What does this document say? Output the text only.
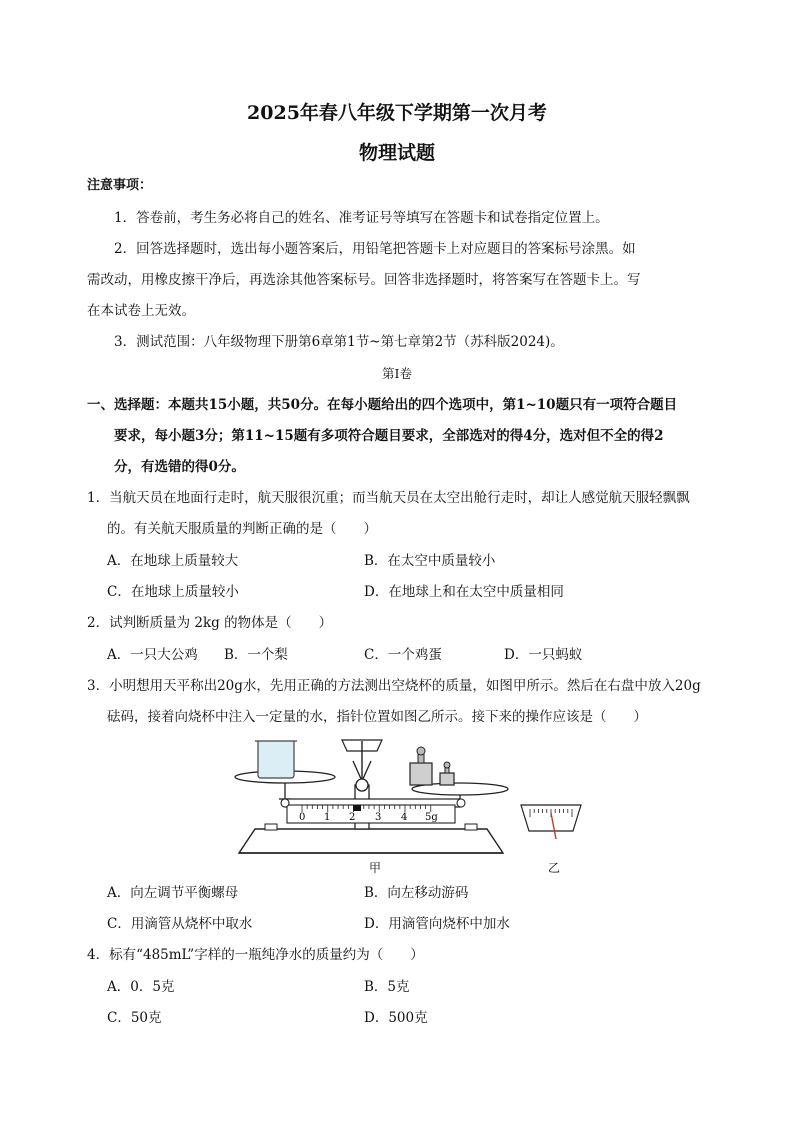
2025年春八年级下学期第一次月考
物理试题
注意事项：
1．答卷前，考生务必将自己的姓名、准考证号等填写在答题卡和试卷指定位置上。
2．回答选择题时，选出每小题答案后，用铅笔把答题卡上对应题目的答案标号涂黑。如
需改动，用橡皮擦干净后，再选涂其他答案标号。回答非选择题时，将答案写在答题卡上。写
在本试卷上无效。
3．测试范围：八年级物理下册第6章第1节~第七章第2节（苏科版2024)。
第I卷
一、选择题：本题共15小题，共50分。在每小题给出的四个选项中，第1~10题只有一项符合题目
要求，每小题3分；第11~15题有多项符合题目要求，全部选对的得4分，选对但不全的得2
分，有选错的得0分。
1．当航天员在地面行走时，航天服很沉重；而当航天员在太空出舱行走时，却让人感觉航天服轻飘飘
的。有关航天服质量的判断正确的是（　　）
A．在地球上质量较大	B．在太空中质量较小
C．在地球上质量较小	D．在地球上和在太空中质量相同
2．试判断质量为 2kg 的物体是（　　）
A．一只大公鸡 B．一个梨	C．一个鸡蛋	D．一只蚂蚁
3．小明想用天平称出20g水，先用正确的方法测出空烧杯的质量，如图甲所示。然后在右盘中放入20g
砝码，接着向烧杯中注入一定量的水，指针位置如图乙所示。接下来的操作应该是（　　）
0 1 2 3 4 5g
甲	乙
A．向左调节平衡螺母	B．向左移动游码
C．用滴管从烧杯中取水	D．用滴管向烧杯中加水
4．标有“485mL”字样的一瓶纯净水的质量约为（　　）
A．0．5克	B．5克
C．50克	D．500克
